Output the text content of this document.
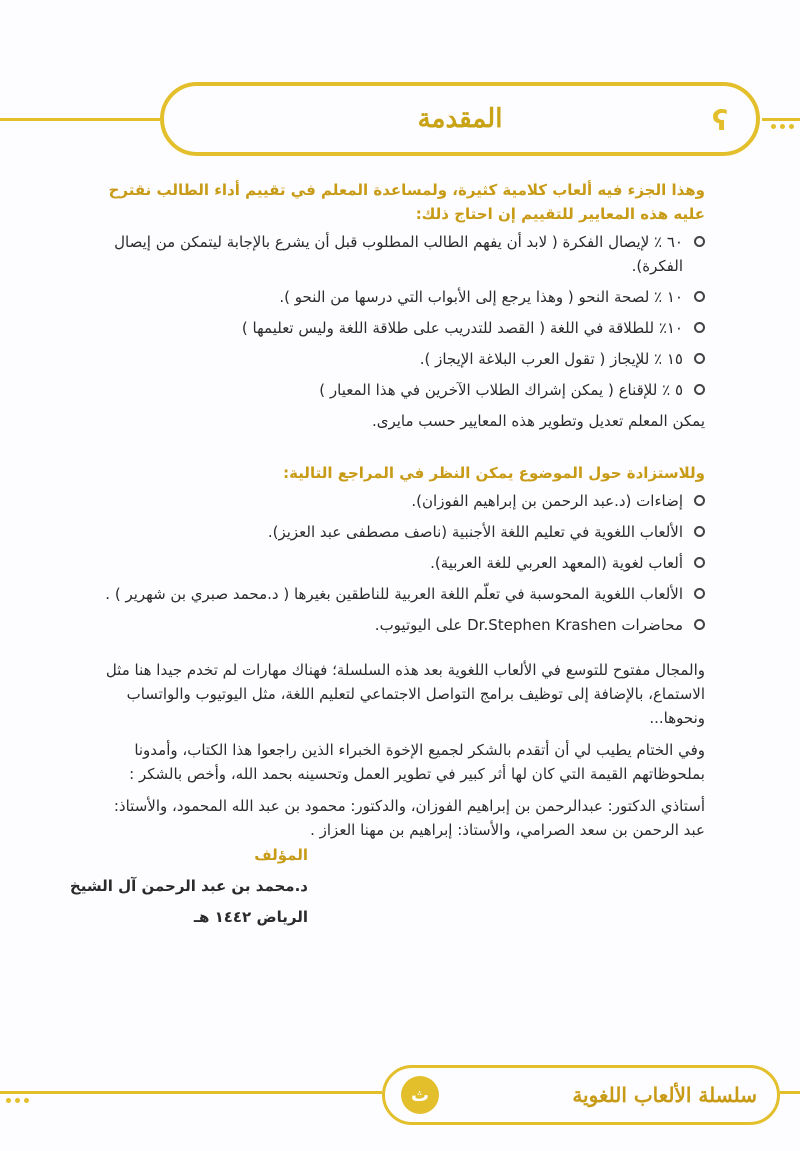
ʕ
المقدمة

وهذا الجزء فيه ألعاب كلامية كثيرة، ولمساعدة المعلم في تقييم أداء الطالب نقترح عليه هذه المعايير للتقييم إن احتاج ذلك:

٦٠ ٪ لإيصال الفكرة ( لابد أن يفهم الطالب المطلوب قبل أن يشرع بالإجابة ليتمكن من إيصال الفكرة).
١٠ ٪ لصحة النحو ( وهذا يرجع إلى الأبواب التي درسها من النحو ).
١٠٪ للطلاقة في اللغة ( القصد للتدريب على طلاقة اللغة وليس تعليمها )
١٥ ٪ للإيجاز ( تقول العرب البلاغة الإيجاز ).
٥ ٪ للإقناع ( يمكن إشراك الطلاب الآخرين في هذا المعيار )

يمكن المعلم تعديل وتطوير هذه المعايير حسب مايرى.

وللاستزادة حول الموضوع يمكن النظر في المراجع التالية:

إضاءات (د.عبد الرحمن بن إبراهيم الفوزان).
الألعاب اللغوية في تعليم اللغة الأجنبية (ناصف مصطفى عبد العزيز).
ألعاب لغوية (المعهد العربي للغة العربية).
الألعاب اللغوية المحوسبة في تعلّم اللغة العربية للناطقين بغيرها ( د.محمد صبري بن شهرير ) .
محاضرات Dr.Stephen Krashen على اليوتيوب.

والمجال مفتوح للتوسع في الألعاب اللغوية بعد هذه السلسلة؛ فهناك مهارات لم تخدم جيدا هنا مثل الاستماع، بالإضافة إلى توظيف برامج التواصل الاجتماعي لتعليم اللغة، مثل اليوتيوب والواتساب ونحوها...

وفي الختام يطيب لي أن أتقدم بالشكر لجميع الإخوة الخبراء الذين راجعوا هذا الكتاب، وأمدونا بملحوظاتهم القيمة التي كان لها أثر كبير في تطوير العمل وتحسينه بحمد الله، وأخص بالشكر :

أستاذي الدكتور: عبدالرحمن بن إبراهيم الفوزان، والدكتور: محمود بن عبد الله المحمود، والأستاذ: عبد الرحمن بن سعد الصرامي، والأستاذ: إبراهيم بن مهنا العزاز .

المؤلف
د.محمد بن عبد الرحمن آل الشيخ
الرياض ١٤٤٢ هـ
سلسلة الألعاب اللغوية
ث
